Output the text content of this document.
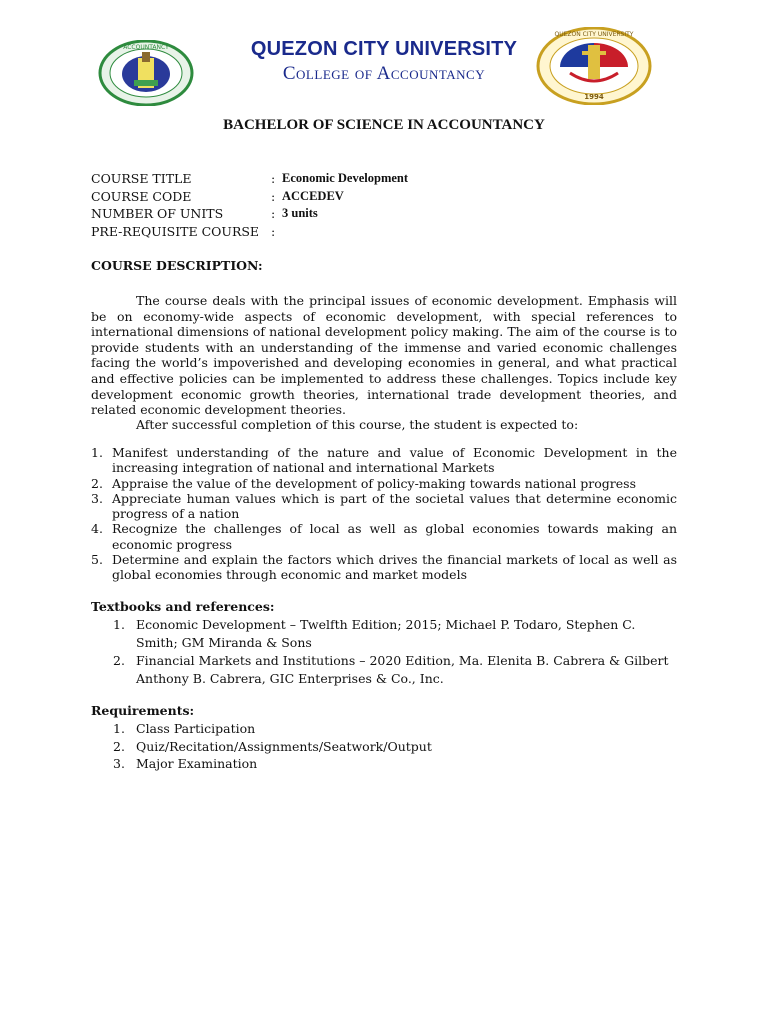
ACCOUNTANCY
1994
QUEZON CITY UNIVERSITY
QUEZON CITY UNIVERSITY
College of Accountancy
BACHELOR OF SCIENCE IN ACCOUNTANCY
COURSE TITLE	: Economic Development
COURSE CODE	: ACCEDEV
NUMBER OF UNITS	: 3 units
PRE-REQUISITE COURSE :
COURSE DESCRIPTION:

The course deals with the principal issues of economic development. Emphasis will be on economy-wide aspects of economic development, with special references to international dimensions of national development policy making. The aim of the course is to provide students with an understanding of the immense and varied economic challenges facing the world’s impoverished and developing economies in general, and what practical and effective policies can be implemented to address these challenges. Topics include key development economic growth theories, international trade development theories, and related economic development theories.

After successful completion of this course, the student is expected to:

1. Manifest understanding of the nature and value of Economic Development in the increasing integration of national and international Markets
2. Appraise the value of the development of policy-making towards national progress
3. Appreciate human values which is part of the societal values that determine economic progress of a nation
4. Recognize the challenges of local as well as global economies towards making an economic progress
5. Determine and explain the factors which drives the financial markets of local as well as global economies through economic and market models
Textbooks and references:
1. Economic Development – Twelfth Edition; 2015; Michael P. Todaro, Stephen C. Smith; GM Miranda & Sons
2. Financial Markets and Institutions – 2020 Edition, Ma. Elenita B. Cabrera & Gilbert Anthony B. Cabrera, GIC Enterprises & Co., Inc.
Requirements:
1. Class Participation
2. Quiz/Recitation/Assignments/Seatwork/Output
3. Major Examination
